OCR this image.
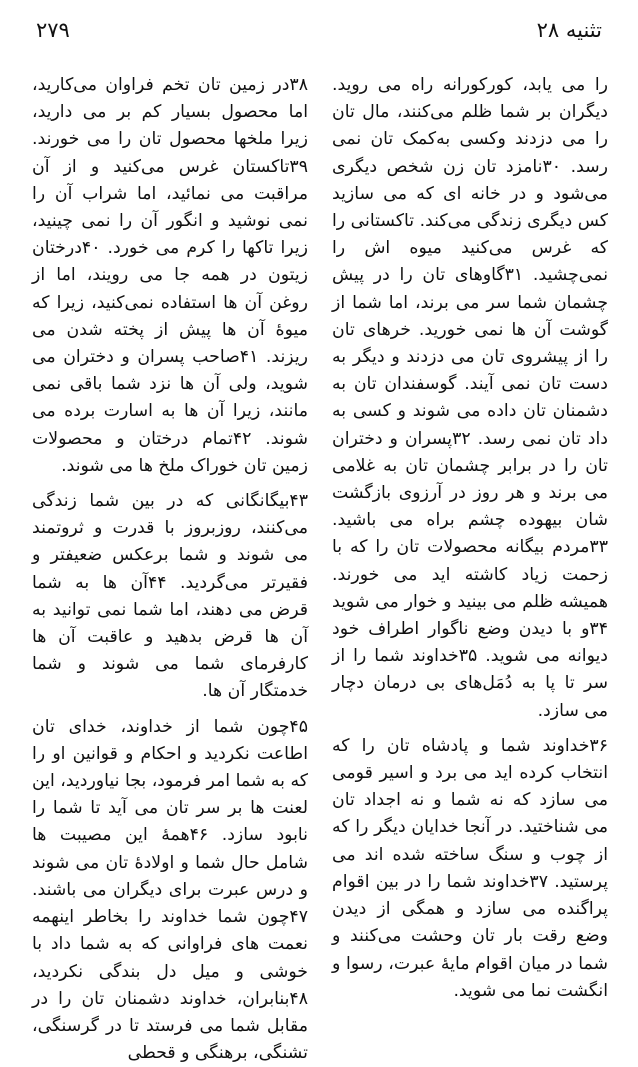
تثنیه ۲۸
۲۷۹

را می یابد، کورکورانه راه می روید. دیگران بر شما ظلم می‌کنند، مال تان را می دزدند وکسی به‌کمک تان نمی رسد. ۳۰نامزد تان زن شخص دیگری می‌شود و در خانه ای که می سازید کس دیگری زندگی می‌کند. تاکستانی را که غرس می‌کنید میوه اش را نمی‌چشید. ۳۱گاوهای تان را در پیش چشمان شما سر می برند، اما شما از گوشت آن ها نمی خورید. خرهای تان را از پیشروی تان می دزدند و دیگر به دست تان نمی آیند. گوسفندان تان به دشمنان تان داده می شوند و کسی به داد تان نمی رسد. ۳۲پسران و دختران تان را در برابر چشمان تان به غلامی می برند و هر روز در آرزوی بازگشت شان بیهوده چشم براه می باشید. ۳۳مردم بیگانه محصولات تان را که با زحمت زیاد کاشته اید می خورند. همیشه ظلم می بینید و خوار می شوید ۳۴و با دیدن وضع ناگوار اطراف خود دیوانه می شوید. ۳۵خداوند شما را از سر تا پا به دُمَل‌های بی درمان دچار می سازد.

۳۶خداوند شما و پادشاه تان را که انتخاب کرده اید می برد و اسیر قومی می سازد که نه شما و نه اجداد تان می شناختید. در آنجا خدایان دیگر را که از چوب و سنگ ساخته شده اند می پرستید. ۳۷خداوند شما را در بین اقوام پراگنده می سازد و همگی از دیدن وضع رقت بار تان وحشت می‌کنند و شما در میان اقوام مایهٔ عبرت، رسوا و انگشت نما می شوید.

۳۸در زمین تان تخم فراوان می‌کارید، اما محصول بسیار کم بر می دارید، زیرا ملخها محصول تان را می خورند. ۳۹تاکستان غرس می‌کنید و از آن مراقبت می نمائید، اما شراب آن را نمی نوشید و انگور آن را نمی چینید، زیرا تاکها را کرم می خورد. ۴۰درختان زیتون در همه جا می رویند، اما از روغن آن ها استفاده نمی‌کنید، زیرا که میوهٔ آن ها پیش از پخته شدن می ریزند. ۴۱صاحب پسران و دختران می شوید، ولی آن ها نزد شما باقی نمی مانند، زیرا آن ها به اسارت برده می شوند. ۴۲تمام درختان و محصولات زمین تان خوراک ملخ ها می شوند.

۴۳بیگانگانی که در بین شما زندگی می‌کنند، روزبروز با قدرت و ثروتمند می شوند و شما برعکس ضعیفتر و فقیرتر می‌گردید. ۴۴آن ها به شما قرض می دهند، اما شما نمی توانید به آن ها قرض بدهید و عاقبت آن ها کارفرمای شما می شوند و شما خدمتگار آن ها.

۴۵چون شما از خداوند، خدای تان اطاعت نکردید و احکام و قوانین او را که به شما امر فرمود، بجا نیاوردید، این لعنت ها بر سر تان می آید تا شما را نابود سازد. ۴۶همهٔ این مصیبت ها شامل حال شما و اولادهٔ تان می شوند و درس عبرت برای دیگران می باشند. ۴۷چون شما خداوند را بخاطر اینهمه نعمت های فراوانی که به شما داد با خوشی و میل دل بندگی نکردید، ۴۸بنابران، خداوند دشمنان تان را در مقابل شما می فرستد تا در گرسنگی، تشنگی، برهنگی و قحطی
